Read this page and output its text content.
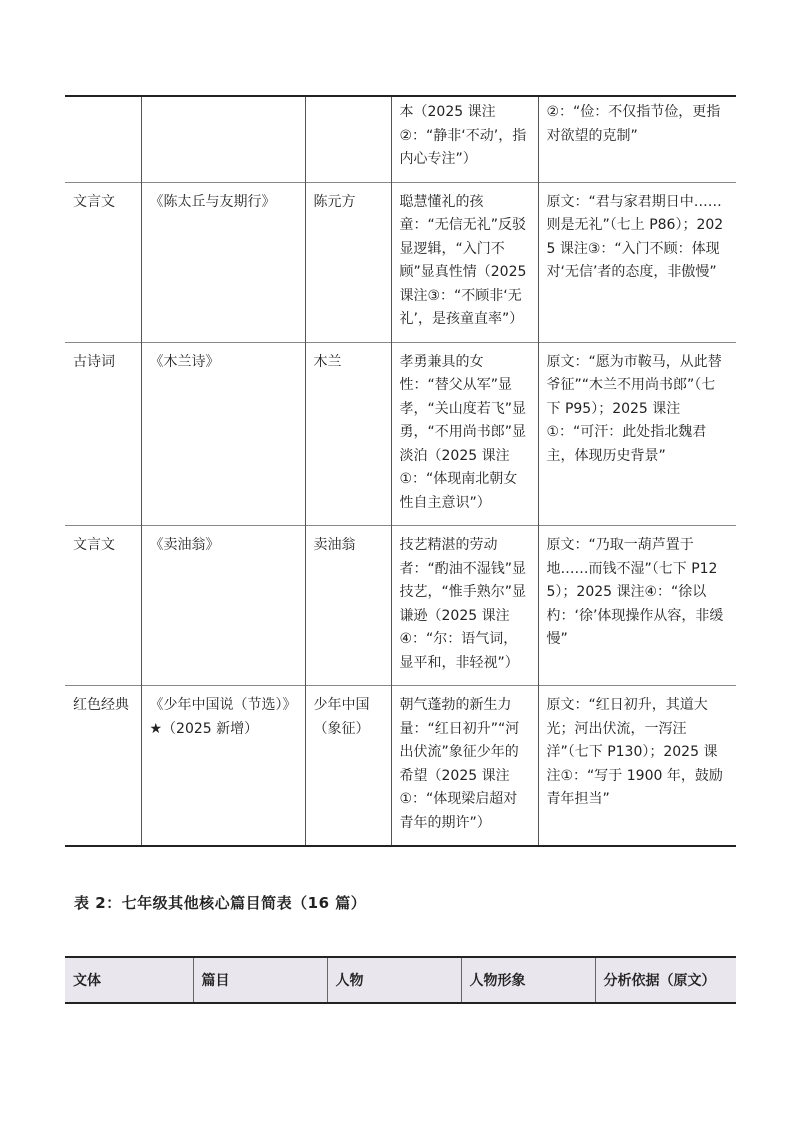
			本（2025 课注②：“静非‘不动’，指内心专注”）	②：“俭：不仅指节俭，更指对欲望的克制”
文言文	《陈太丘与友期行》	陈元方	聪慧懂礼的孩童：“无信无礼”反驳显逻辑，“入门不顾”显真性情（2025 课注③：“不顾非‘无礼’，是孩童直率”）	原文：“君与家君期日中……则是无礼”（七上 P86）；2025 课注③：“入门不顾：体现对‘无信’者的态度，非傲慢”
古诗词	《木兰诗》	木兰	孝勇兼具的女性：“替父从军”显孝，“关山度若飞”显勇，“不用尚书郎”显淡泊（2025 课注①：“体现南北朝女性自主意识”）	原文：“愿为市鞍马，从此替爷征”“木兰不用尚书郎”（七下 P95）；2025 课注①：“可汗：此处指北魏君主，体现历史背景”
文言文	《卖油翁》	卖油翁	技艺精湛的劳动者：“酌油不湿钱”显技艺，“惟手熟尔”显谦逊（2025 课注④：“尔：语气词，显平和，非轻视”）	原文：“乃取一葫芦置于地……而钱不湿”（七下 P125）；2025 课注④：“徐以杓：‘徐’体现操作从容，非缓慢”
红色经典	《少年中国说（节选）》★（2025 新增）	少年中国（象征）	朝气蓬勃的新生力量：“红日初升”“河出伏流”象征少年的希望（2025 课注①：“体现梁启超对青年的期许”）	原文：“红日初升，其道大光；河出伏流，一泻汪洋”（七下 P130）；2025 课注①：“写于 1900 年，鼓励青年担当”
表 2：七年级其他核心篇目简表（16 篇）
文体	篇目	人物	人物形象	分析依据（原文）
